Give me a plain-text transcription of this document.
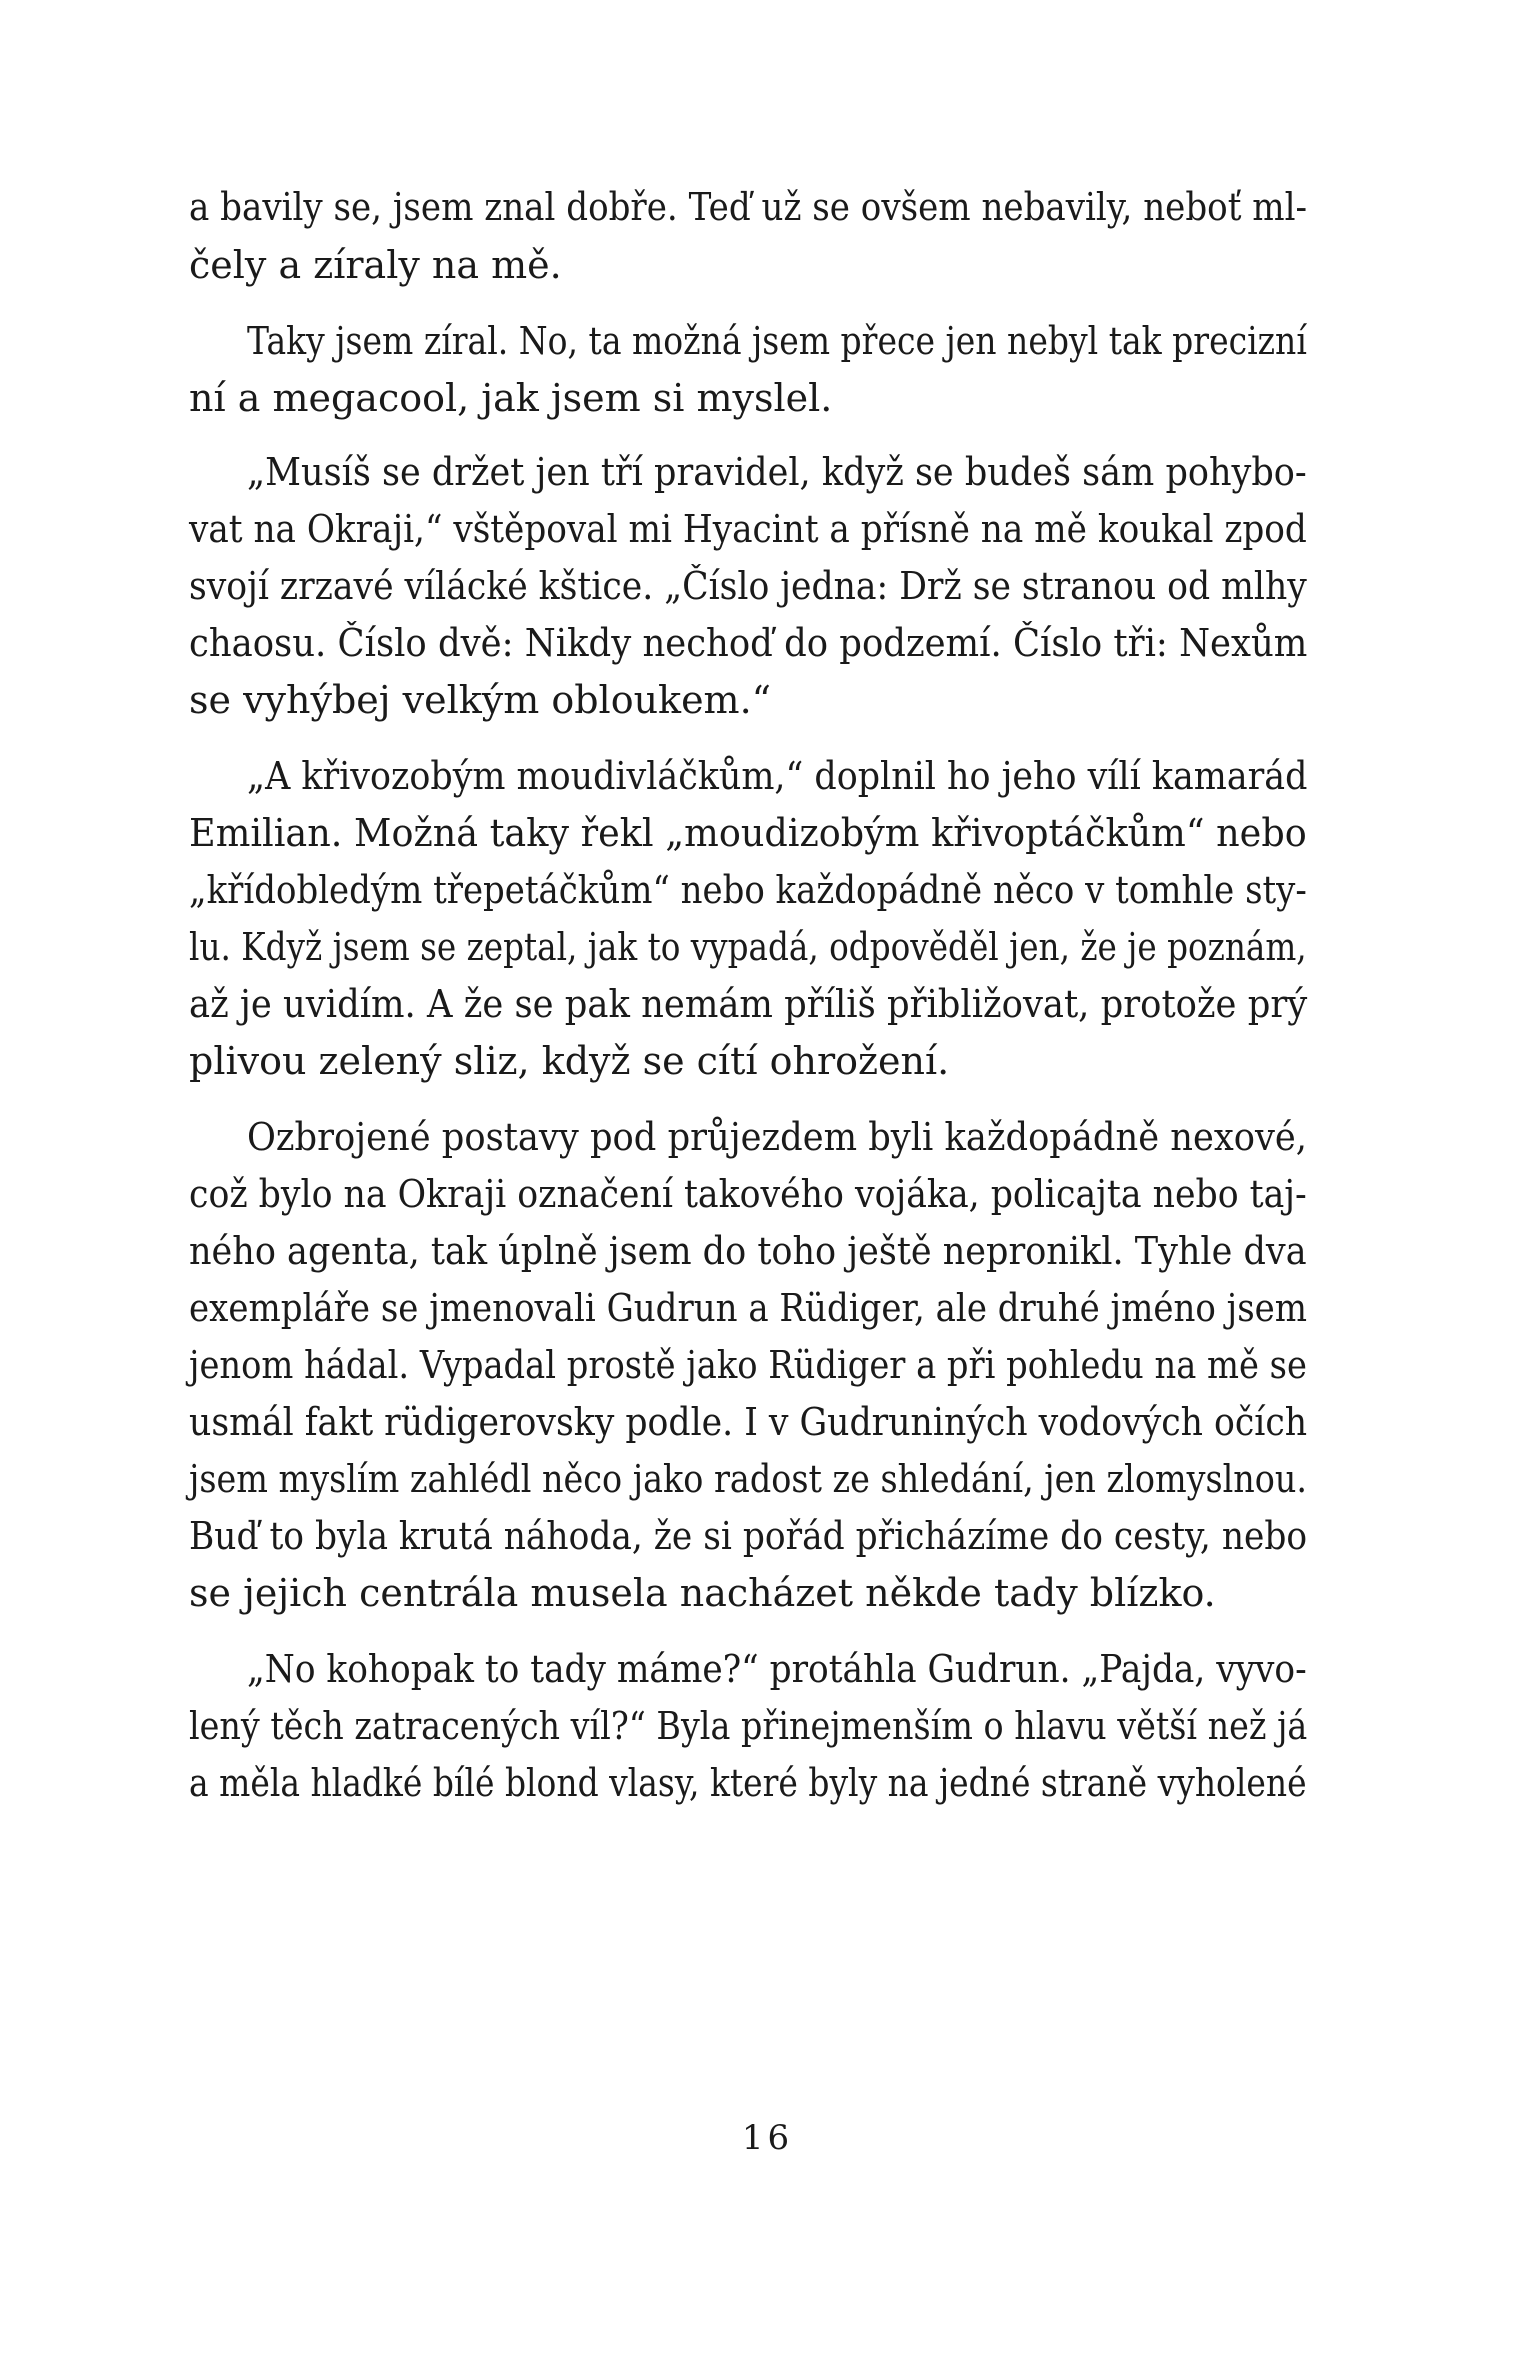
a bavily se, jsem znal dobře. Teď už se ovšem nebavily, neboť ml-
čely a zíraly na mě.
Taky jsem zíral. No, ta možná jsem přece jen nebyl tak precizní
ní a megacool, jak jsem si myslel.
„Musíš se držet jen tří pravidel, když se budeš sám pohybo-
vat na Okraji,“ vštěpoval mi Hyacint a přísně na mě koukal zpod
svojí zrzavé vílácké kštice. „Číslo jedna: Drž se stranou od mlhy
chaosu. Číslo dvě: Nikdy nechoď do podzemí. Číslo tři: Nexům
se vyhýbej velkým obloukem.“
„A křivozobým moudivláčkům,“ doplnil ho jeho vílí kamarád
Emilian. Možná taky řekl „moudizobým křivoptáčkům“ nebo
„křídobledým třepetáčkům“ nebo každopádně něco v tomhle sty-
lu. Když jsem se zeptal, jak to vypadá, odpověděl jen, že je poznám,
až je uvidím. A že se pak nemám příliš přibližovat, protože prý
plivou zelený sliz, když se cítí ohrožení.
Ozbrojené postavy pod průjezdem byli každopádně nexové,
což bylo na Okraji označení takového vojáka, policajta nebo taj-
ného agenta, tak úplně jsem do toho ještě nepronikl. Tyhle dva
exempláře se jmenovali Gudrun a Rüdiger, ale druhé jméno jsem
jenom hádal. Vypadal prostě jako Rüdiger a při pohledu na mě se
usmál fakt rüdigerovsky podle. I v Gudruniných vodových očích
jsem myslím zahlédl něco jako radost ze shledání, jen zlomyslnou.
Buď to byla krutá náhoda, že si pořád přicházíme do cesty, nebo
se jejich centrála musela nacházet někde tady blízko.
„No kohopak to tady máme?“ protáhla Gudrun. „Pajda, vyvo-
lený těch zatracených víl?“ Byla přinejmenším o hlavu větší než já
a měla hladké bílé blond vlasy, které byly na jedné straně vyholené
16
